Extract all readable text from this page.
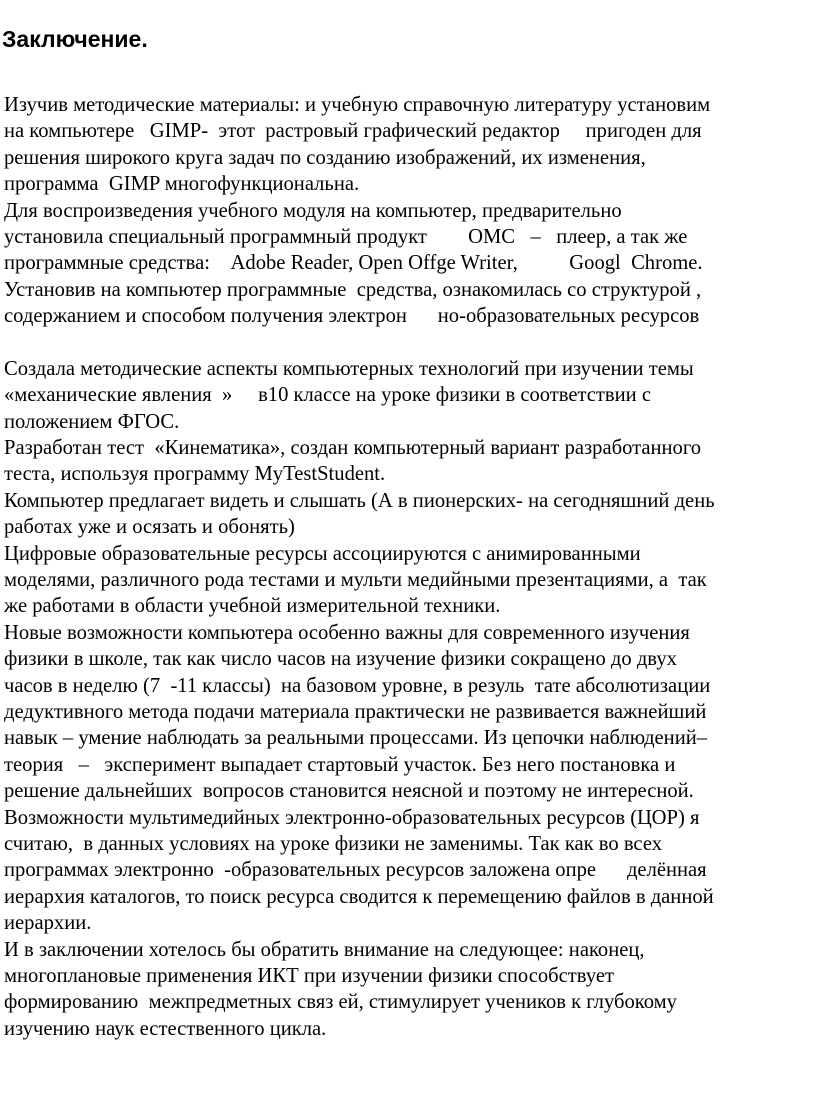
Заключение.
Изучив методические материалы: и учебную справочную литературу установим
на компьютере   GIMP-  этот  растровый графический редактор     пригоден для
решения широкого круга задач по созданию изображений, их изменения,
программа  GIMP многофункциональна.
Для воспроизведения учебного модуля на компьютер, предварительно
установила специальный программный продукт        ОМС   –   плеер, а так же
программные средства:    Adobe Reader, Open Offge Writer,          Googl  Chrome.
Установив на компьютер программные  средства, ознакомилась со структурой ,
содержанием и способом получения электрон      но-образовательных ресурсов
Создала методические аспекты компьютерных технологий при изучении темы
«механические явления  »     в10 классе на уроке физики в соответствии с
положением ФГОС.
Разработан тест  «Кинематика», создан компьютерный вариант разработанного
теста, используя программу MyTestStudent.
Компьютер предлагает видеть и слышать (А в пионерских- на сегодняшний день
работах уже и осязать и обонять)
Цифровые образовательные ресурсы ассоциируются с анимированными
моделями, различного рода тестами и мульти медийными презентациями, а  так
же работами в области учебной измерительной техники.
Новые возможности компьютера особенно важны для современного изучения
физики в школе, так как число часов на изучение физики сокращено до двух
часов в неделю (7  -11 классы)  на базовом уровне, в резуль  тате абсолютизации
дедуктивного метода подачи материала практически не развивается важнейший
навык – умение наблюдать за реальными процессами. Из цепочки наблюдений–
теория   –   эксперимент выпадает стартовый участок. Без него постановка и
решение дальнейших  вопросов становится неясной и поэтому не интересной.
Возможности мультимедийных электронно-образовательных ресурсов (ЦОР) я
считаю,  в данных условиях на уроке физики не заменимы. Так как во всех
программах электронно  -образовательных ресурсов заложена опре      делённая
иерархия каталогов, то поиск ресурса сводится к перемещению файлов в данной
иерархии.
И в заключении хотелось бы обратить внимание на следующее: наконец,
многоплановые применения ИКТ при изучении физики способствует
формированию  межпредметных связ ей, стимулирует учеников к глубокому
изучению наук естественного цикла.
